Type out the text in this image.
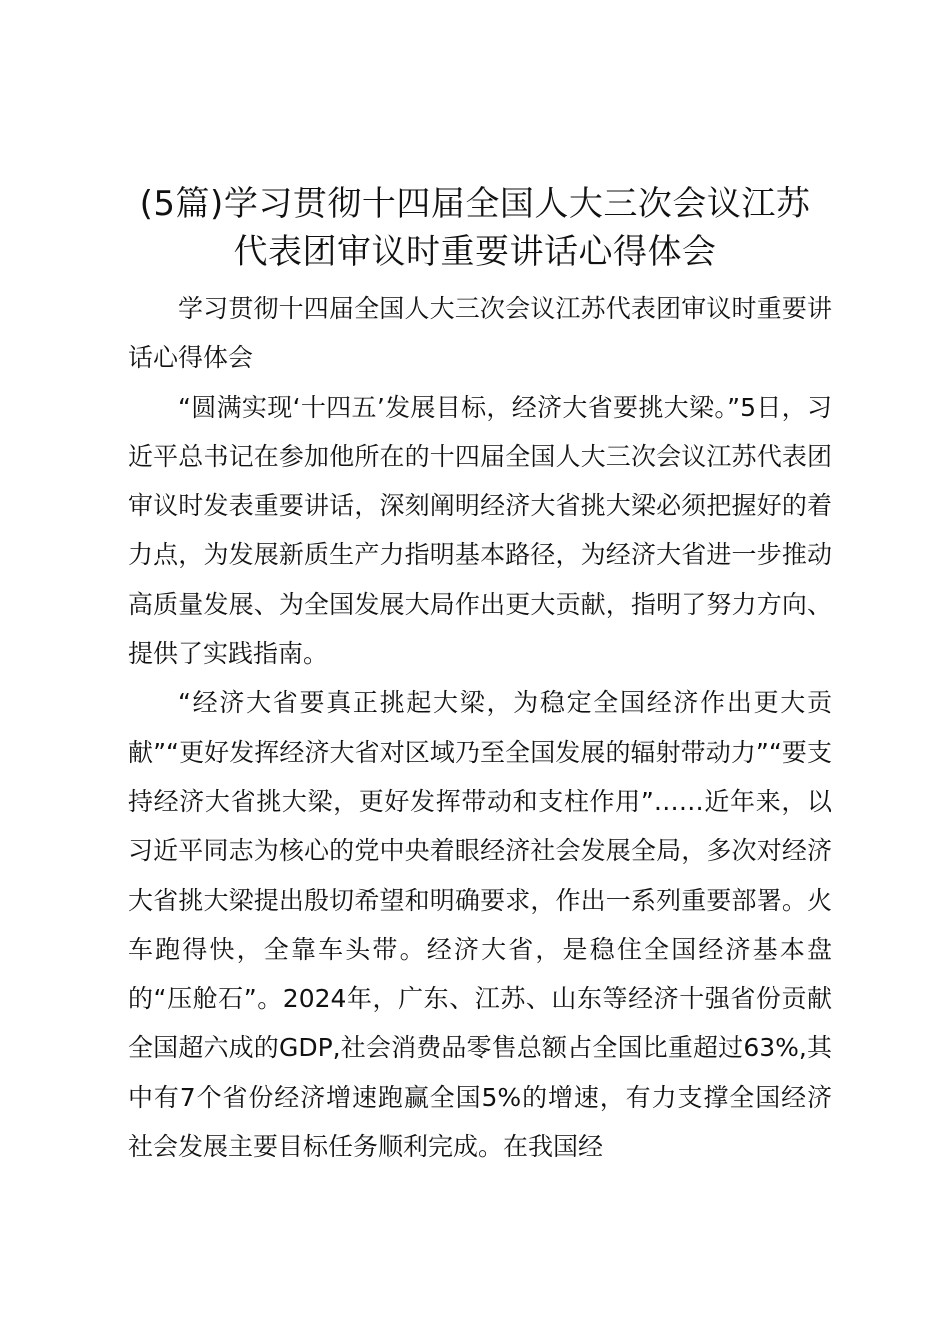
(5篇)学习贯彻十四届全国人大三次会议江苏
代表团审议时重要讲话心得体会

学习贯彻十四届全国人大三次会议江苏代表团审议时重要讲话心得体会

“圆满实现‘十四五’发展目标，经济大省要挑大梁。”5日，习近平总书记在参加他所在的十四届全国人大三次会议江苏代表团审议时发表重要讲话，深刻阐明经济大省挑大梁必须把握好的着力点，为发展新质生产力指明基本路径，为经济大省进一步推动高质量发展、为全国发展大局作出更大贡献，指明了努力方向、提供了实践指南。

“经济大省要真正挑起大梁，为稳定全国经济作出更大贡献”“更好发挥经济大省对区域乃至全国发展的辐射带动力”“要支持经济大省挑大梁，更好发挥带动和支柱作用”……近年来，以习近平同志为核心的党中央着眼经济社会发展全局，多次对经济大省挑大梁提出殷切希望和明确要求，作出一系列重要部署。火车跑得快，全靠车头带。经济大省，是稳住全国经济基本盘的“压舱石”。2024年，广东、江苏、山东等经济十强省份贡献全国超六成的GDP,社会消费品零售总额占全国比重超过63%,其中有7个省份经济增速跑赢全国5%的增速，有力支撑全国经济社会发展主要目标任务顺利完成。在我国经
